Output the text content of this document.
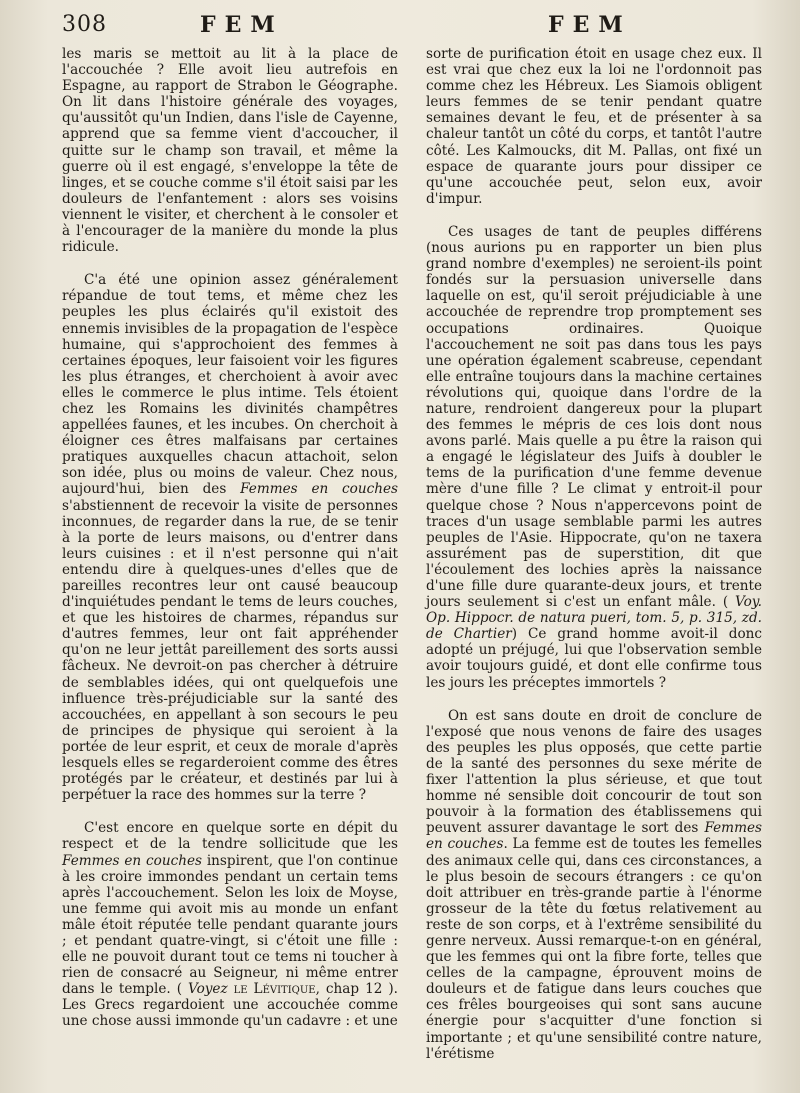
308	FEM	FEM

les maris se mettoit au lit à la place de l'accouchée ? Elle avoit lieu autrefois en Espagne, au rapport de Strabon le Géographe. On lit dans l'histoire générale des voyages, qu'aussitôt qu'un Indien, dans l'isle de Cayenne, apprend que sa femme vient d'accoucher, il quitte sur le champ son travail, et même la guerre où il est engagé, s'enveloppe la tête de linges, et se couche comme s'il étoit saisi par les douleurs de l'enfantement : alors ses voisins viennent le visiter, et cherchent à le consoler et à l'encourager de la manière du monde la plus ridicule.

C'a été une opinion assez généralement répandue de tout tems, et même chez les peuples les plus éclairés qu'il existoit des ennemis invisibles de la propagation de l'espèce humaine, qui s'approchoient des femmes à certaines époques, leur faisoient voir les figures les plus étranges, et cherchoient à avoir avec elles le commerce le plus intime. Tels étoient chez les Romains les divinités champêtres appellées faunes, et les incubes. On cherchoit à éloigner ces êtres malfaisans par certaines pratiques auxquelles chacun attachoit, selon son idée, plus ou moins de valeur. Chez nous, aujourd'hui, bien des Femmes en couches s'abstiennent de recevoir la visite de personnes inconnues, de regarder dans la rue, de se tenir à la porte de leurs maisons, ou d'entrer dans leurs cuisines : et il n'est personne qui n'ait entendu dire à quelques-unes d'elles que de pareilles recontres leur ont causé beaucoup d'inquiétudes pendant le tems de leurs couches, et que les histoires de charmes, répandus sur d'autres femmes, leur ont fait appréhender qu'on ne leur jettât pareillement des sorts aussi fâcheux. Ne devroit-on pas chercher à détruire de semblables idées, qui ont quelquefois une influence très-préjudiciable sur la santé des accouchées, en appellant à son secours le peu de principes de physique qui seroient à la portée de leur esprit, et ceux de morale d'après lesquels elles se regarderoient comme des êtres protégés par le créateur, et destinés par lui à perpétuer la race des hommes sur la terre ?

C'est encore en quelque sorte en dépit du respect et de la tendre sollicitude que les Femmes en couches inspirent, que l'on continue à les croire immondes pendant un certain tems après l'accouchement. Selon les loix de Moyse, une femme qui avoit mis au monde un enfant mâle étoit réputée telle pendant quarante jours ; et pendant quatre-vingt, si c'étoit une fille : elle ne pouvoit durant tout ce tems ni toucher à rien de consacré au Seigneur, ni même entrer dans le temple. ( Voyez le Lévitique, chap 12 ). Les Grecs regardoient une accouchée comme une chose aussi immonde qu'un cadavre : et une

sorte de purification étoit en usage chez eux. Il est vrai que chez eux la loi ne l'ordonnoit pas comme chez les Hébreux. Les Siamois obligent leurs femmes de se tenir pendant quatre semaines devant le feu, et de présenter à sa chaleur tantôt un côté du corps, et tantôt l'autre côté. Les Kalmoucks, dit M. Pallas, ont fixé un espace de quarante jours pour dissiper ce qu'une accouchée peut, selon eux, avoir d'impur.

Ces usages de tant de peuples différens (nous aurions pu en rapporter un bien plus grand nombre d'exemples) ne seroient-ils point fondés sur la persuasion universelle dans laquelle on est, qu'il seroit préjudiciable à une accouchée de reprendre trop promptement ses occupations ordinaires. Quoique l'accouchement ne soit pas dans tous les pays une opération également scabreuse, cependant elle entraîne toujours dans la machine certaines révolutions qui, quoique dans l'ordre de la nature, rendroient dangereux pour la plupart des femmes le mépris de ces lois dont nous avons parlé. Mais quelle a pu être la raison qui a engagé le législateur des Juifs à doubler le tems de la purification d'une femme devenue mère d'une fille ? Le climat y entroit-il pour quelque chose ? Nous n'appercevons point de traces d'un usage semblable parmi les autres peuples de l'Asie. Hippocrate, qu'on ne taxera assurément pas de superstition, dit que l'écoulement des lochies après la naissance d'une fille dure quarante-deux jours, et trente jours seulement si c'est un enfant mâle. ( Voy. Op. Hippocr. de natura pueri, tom. 5, p. 315, zd. de Chartier) Ce grand homme avoit-il donc adopté un préjugé, lui que l'observation semble avoir toujours guidé, et dont elle confirme tous les jours les préceptes immortels ?

On est sans doute en droit de conclure de l'exposé que nous venons de faire des usages des peuples les plus opposés, que cette partie de la santé des personnes du sexe mérite de fixer l'attention la plus sérieuse, et que tout homme né sensible doit concourir de tout son pouvoir à la formation des établissemens qui peuvent assurer davantage le sort des Femmes en couches. La femme est de toutes les femelles des animaux celle qui, dans ces circonstances, a le plus besoin de secours étrangers : ce qu'on doit attribuer en très-grande partie à l'énorme grosseur de la tête du fœtus relativement au reste de son corps, et à l'extrême sensibilité du genre nerveux. Aussi remarque-t-on en général, que les femmes qui ont la fibre forte, telles que celles de la campagne, éprouvent moins de douleurs et de fatigue dans leurs couches que ces frêles bourgeoises qui sont sans aucune énergie pour s'acquitter d'une fonction si importante ; et qu'une sensibilité contre nature, l'érétisme
